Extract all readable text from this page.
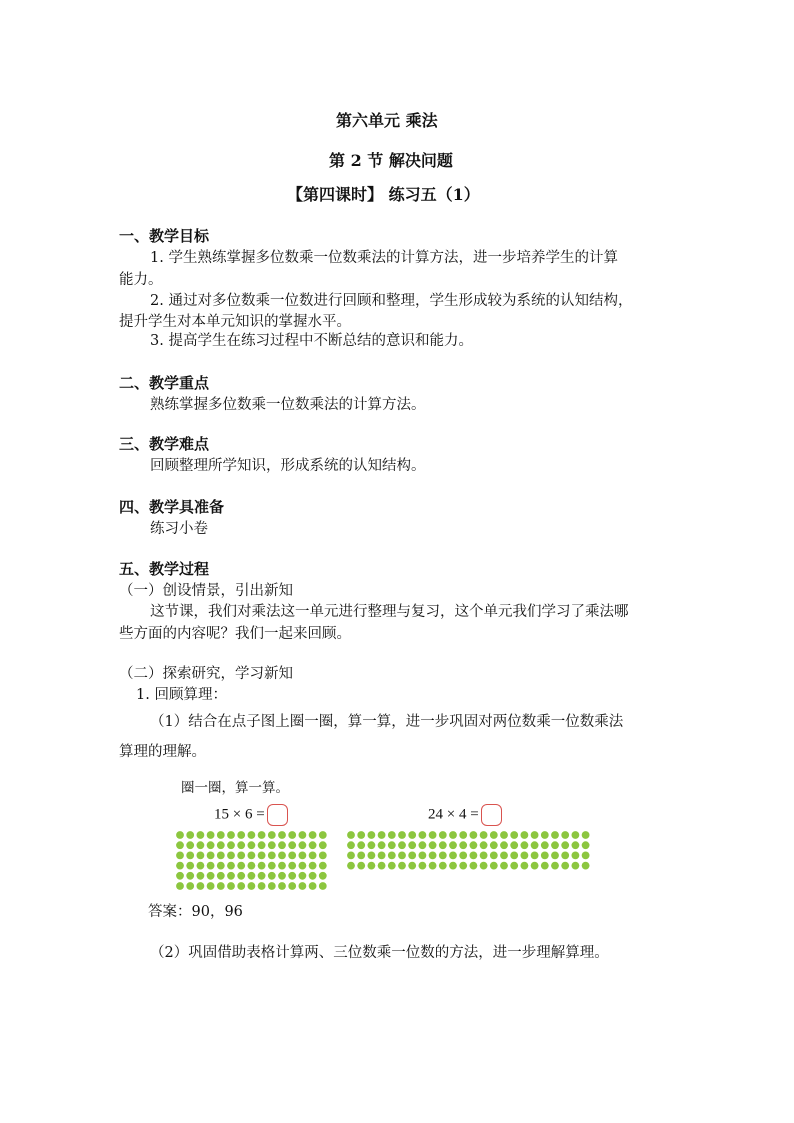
第六单元 乘法
第 2 节 解决问题
【第四课时】 练习五（1）
一、教学目标
1. 学生熟练掌握多位数乘一位数乘法的计算方法，进一步培养学生的计算
能力。
2. 通过对多位数乘一位数进行回顾和整理，学生形成较为系统的认知结构，
提升学生对本单元知识的掌握水平。
3. 提高学生在练习过程中不断总结的意识和能力。
二、教学重点
熟练掌握多位数乘一位数乘法的计算方法。
三、教学难点
回顾整理所学知识，形成系统的认知结构。
四、教学具准备
练习小卷
五、教学过程
（一）创设情景，引出新知
这节课，我们对乘法这一单元进行整理与复习，这个单元我们学习了乘法哪
些方面的内容呢？我们一起来回顾。
（二）探索研究，学习新知
1. 回顾算理：
（1）结合在点子图上圈一圈，算一算，进一步巩固对两位数乘一位数乘法
算理的理解。
圈一圈，算一算。
15 × 6 =	24 × 4 =
答案：90，96
（2）巩固借助表格计算两、三位数乘一位数的方法，进一步理解算理。
